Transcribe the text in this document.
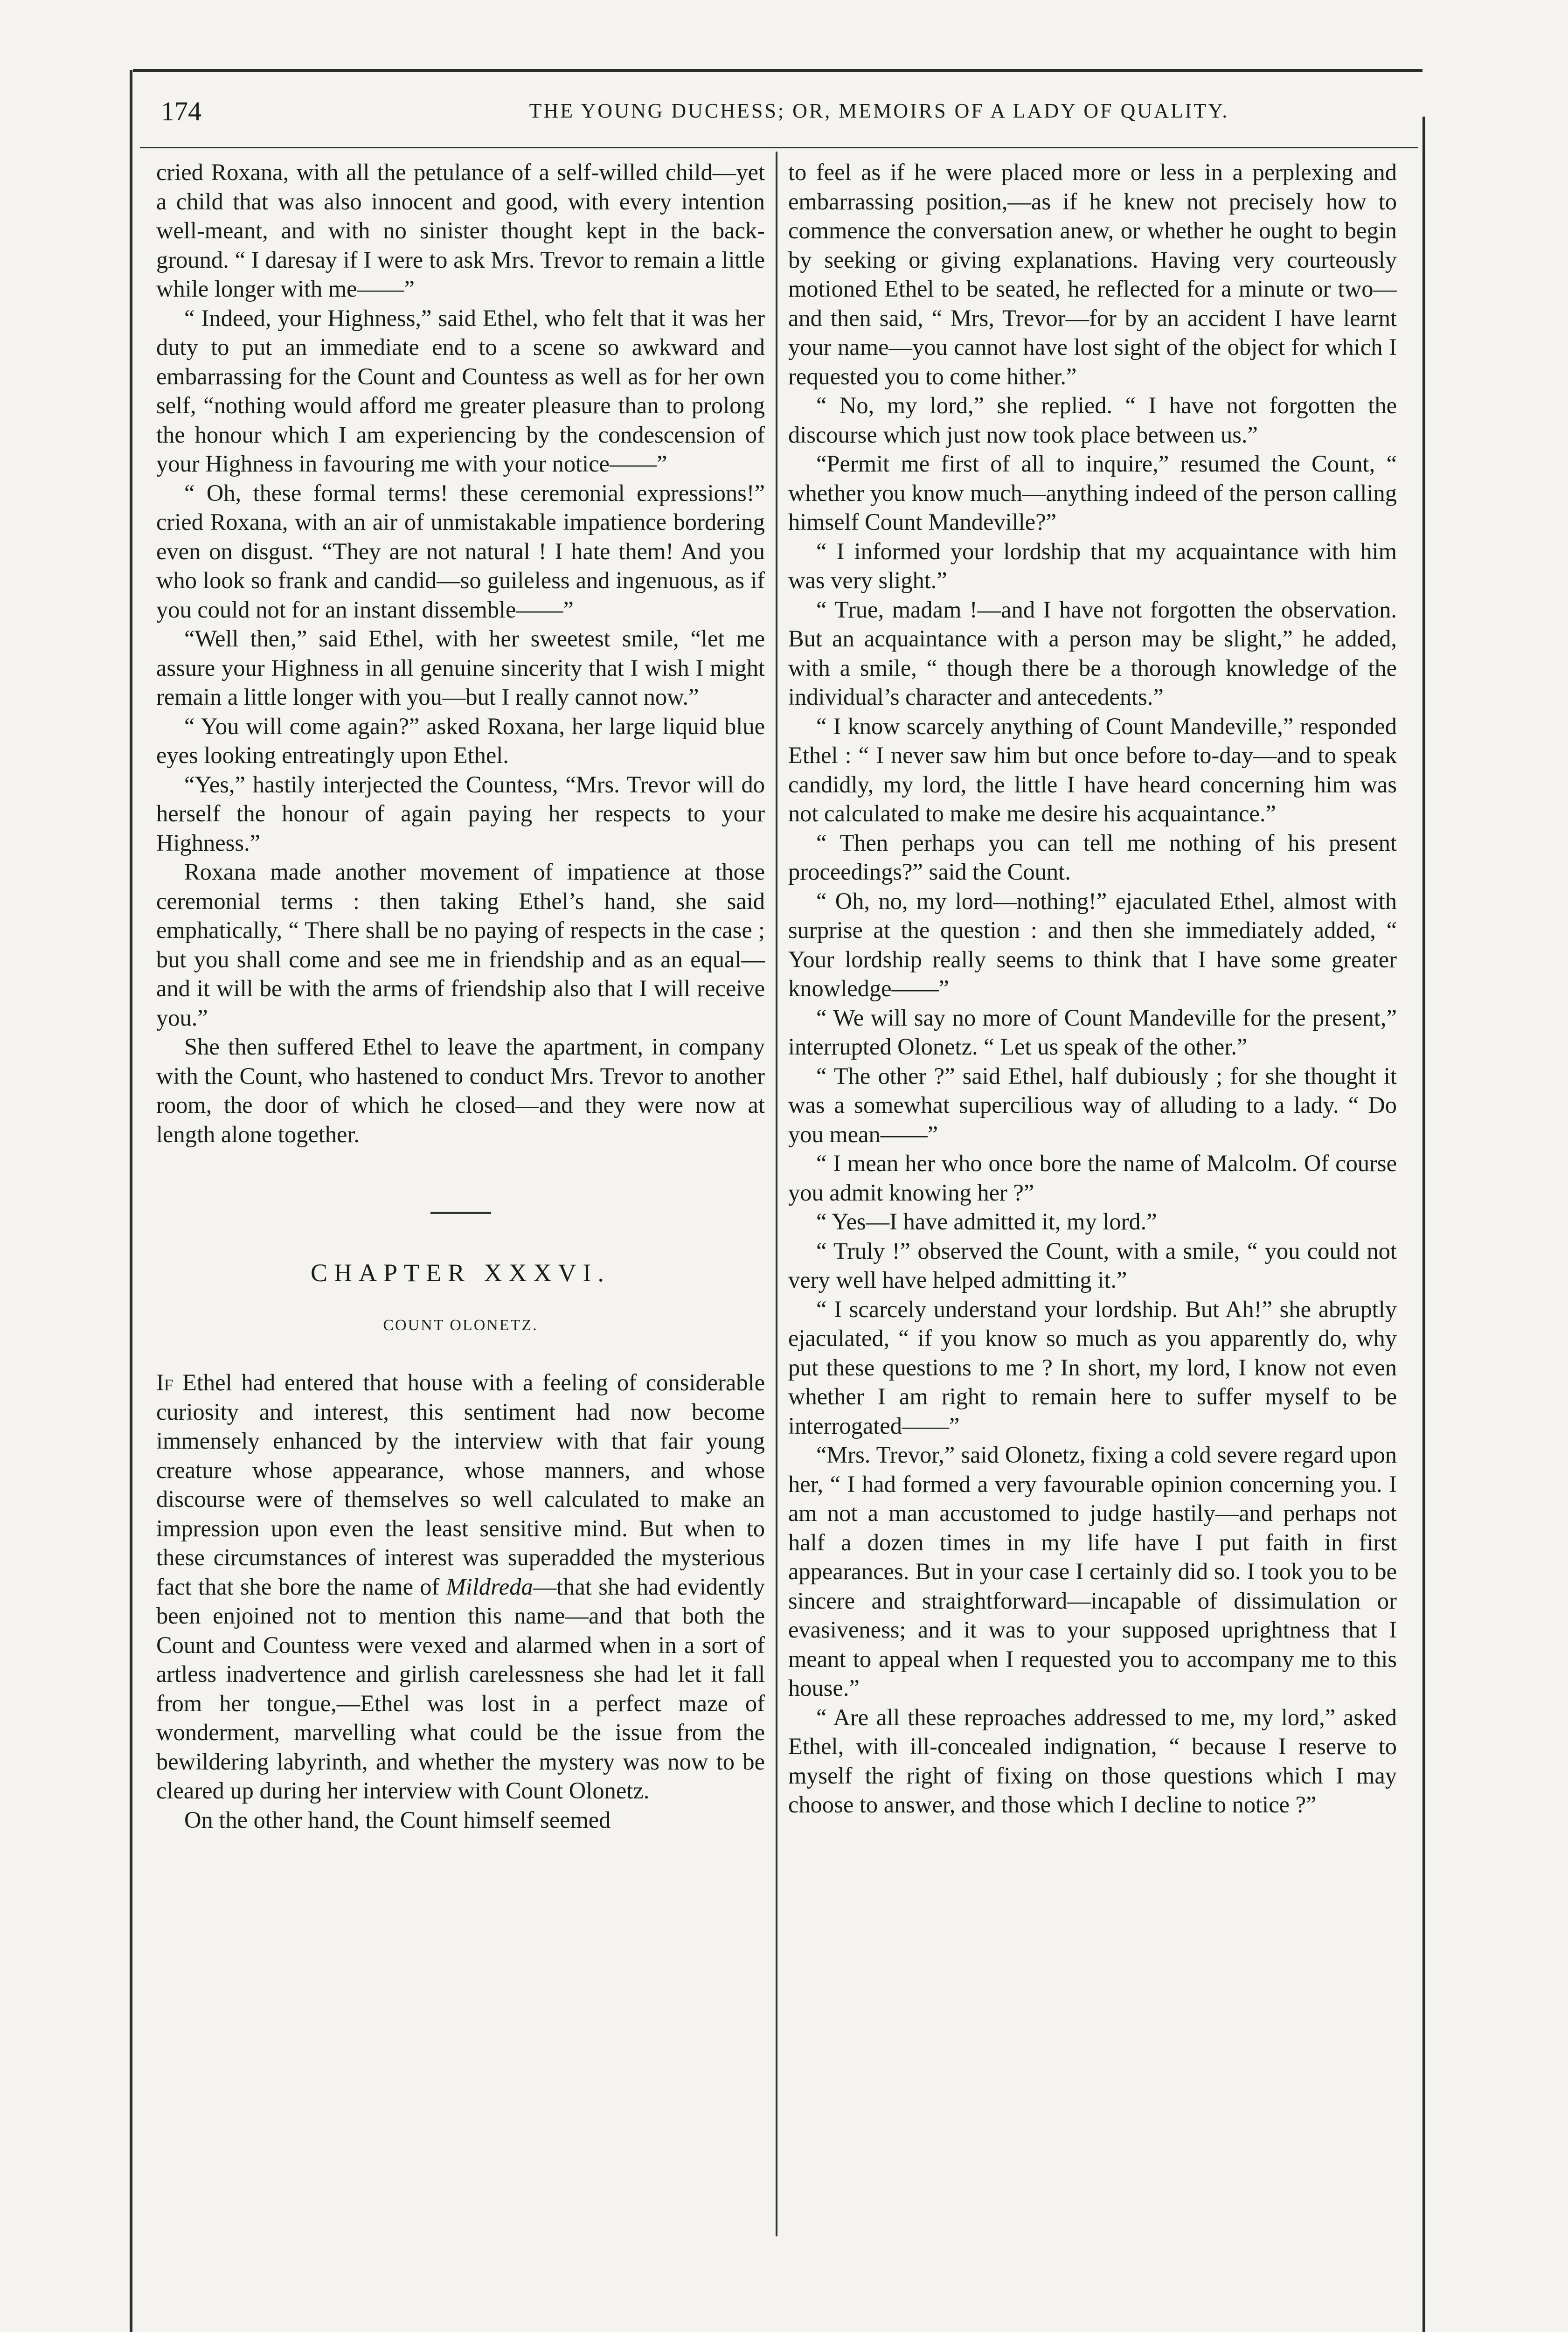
174	THE YOUNG DUCHESS; OR, MEMOIRS OF A LADY OF QUALITY.

cried Roxana, with all the petulance of a self-willed child—yet a child that was also innocent and good, with every intention well-meant, and with no sinister thought kept in the back-ground. “ I daresay if I were to ask Mrs. Trevor to remain a little while longer with me——”

“ Indeed, your Highness,” said Ethel, who felt that it was her duty to put an immediate end to a scene so awkward and embarrassing for the Count and Countess as well as for her own self, “nothing would afford me greater pleasure than to prolong the honour which I am experiencing by the condescension of your Highness in favouring me with your notice——”

“ Oh, these formal terms! these ceremonial expressions!” cried Roxana, with an air of unmistakable impatience bordering even on disgust. “They are not natural ! I hate them! And you who look so frank and candid—so guileless and ingenuous, as if you could not for an instant dissemble——”

“Well then,” said Ethel, with her sweetest smile, “let me assure your Highness in all genuine sincerity that I wish I might remain a little longer with you—but I really cannot now.”

“ You will come again?” asked Roxana, her large liquid blue eyes looking entreatingly upon Ethel.

“Yes,” hastily interjected the Countess, “Mrs. Trevor will do herself the honour of again paying her respects to your Highness.”

Roxana made another movement of impatience at those ceremonial terms : then taking Ethel’s hand, she said emphatically, “ There shall be no paying of respects in the case ; but you shall come and see me in friendship and as an equal—and it will be with the arms of friendship also that I will receive you.”

She then suffered Ethel to leave the apartment, in company with the Count, who hastened to conduct Mrs. Trevor to another room, the door of which he closed—and they were now at length alone together.

CHAPTER XXXVI.
COUNT OLONETZ.

If Ethel had entered that house with a feeling of considerable curiosity and interest, this sentiment had now become immensely enhanced by the interview with that fair young creature whose appearance, whose manners, and whose discourse were of themselves so well calculated to make an impression upon even the least sensitive mind. But when to these circumstances of interest was superadded the mysterious fact that she bore the name of Mildreda—that she had evidently been enjoined not to mention this name—and that both the Count and Countess were vexed and alarmed when in a sort of artless inadvertence and girlish carelessness she had let it fall from her tongue,—Ethel was lost in a perfect maze of wonderment, marvelling what could be the issue from the bewildering labyrinth, and whether the mystery was now to be cleared up during her interview with Count Olonetz.

On the other hand, the Count himself seemed

to feel as if he were placed more or less in a perplexing and embarrassing position,—as if he knew not precisely how to commence the conversation anew, or whether he ought to begin by seeking or giving explanations. Having very courteously motioned Ethel to be seated, he reflected for a minute or two—and then said, “ Mrs, Trevor—for by an accident I have learnt your name—you cannot have lost sight of the object for which I requested you to come hither.”

“ No, my lord,” she replied. “ I have not forgotten the discourse which just now took place between us.”

“Permit me first of all to inquire,” resumed the Count, “ whether you know much—anything indeed of the person calling himself Count Mandeville?”

“ I informed your lordship that my acquaintance with him was very slight.”

“ True, madam !—and I have not forgotten the observation. But an acquaintance with a person may be slight,” he added, with a smile, “ though there be a thorough knowledge of the individual’s character and antecedents.”

“ I know scarcely anything of Count Mandeville,” responded Ethel : “ I never saw him but once before to-day—and to speak candidly, my lord, the little I have heard concerning him was not calculated to make me desire his acquaintance.”

“ Then perhaps you can tell me nothing of his present proceedings?” said the Count.

“ Oh, no, my lord—nothing!” ejaculated Ethel, almost with surprise at the question : and then she immediately added, “ Your lordship really seems to think that I have some greater knowledge——”

“ We will say no more of Count Mandeville for the present,” interrupted Olonetz. “ Let us speak of the other.”

“ The other ?” said Ethel, half dubiously ; for she thought it was a somewhat supercilious way of alluding to a lady. “ Do you mean——”

“ I mean her who once bore the name of Malcolm. Of course you admit knowing her ?”

“ Yes—I have admitted it, my lord.”

“ Truly !” observed the Count, with a smile, “ you could not very well have helped admitting it.”

“ I scarcely understand your lordship. But Ah!” she abruptly ejaculated, “ if you know so much as you apparently do, why put these questions to me ? In short, my lord, I know not even whether I am right to remain here to suffer myself to be interrogated——”

“Mrs. Trevor,” said Olonetz, fixing a cold severe regard upon her, “ I had formed a very favourable opinion concerning you. I am not a man accustomed to judge hastily—and perhaps not half a dozen times in my life have I put faith in first appearances. But in your case I certainly did so. I took you to be sincere and straightforward—incapable of dissimulation or evasiveness; and it was to your supposed uprightness that I meant to appeal when I requested you to accompany me to this house.”

“ Are all these reproaches addressed to me, my lord,” asked Ethel, with ill-concealed indignation, “ because I reserve to myself the right of fixing on those questions which I may choose to answer, and those which I decline to notice ?”
